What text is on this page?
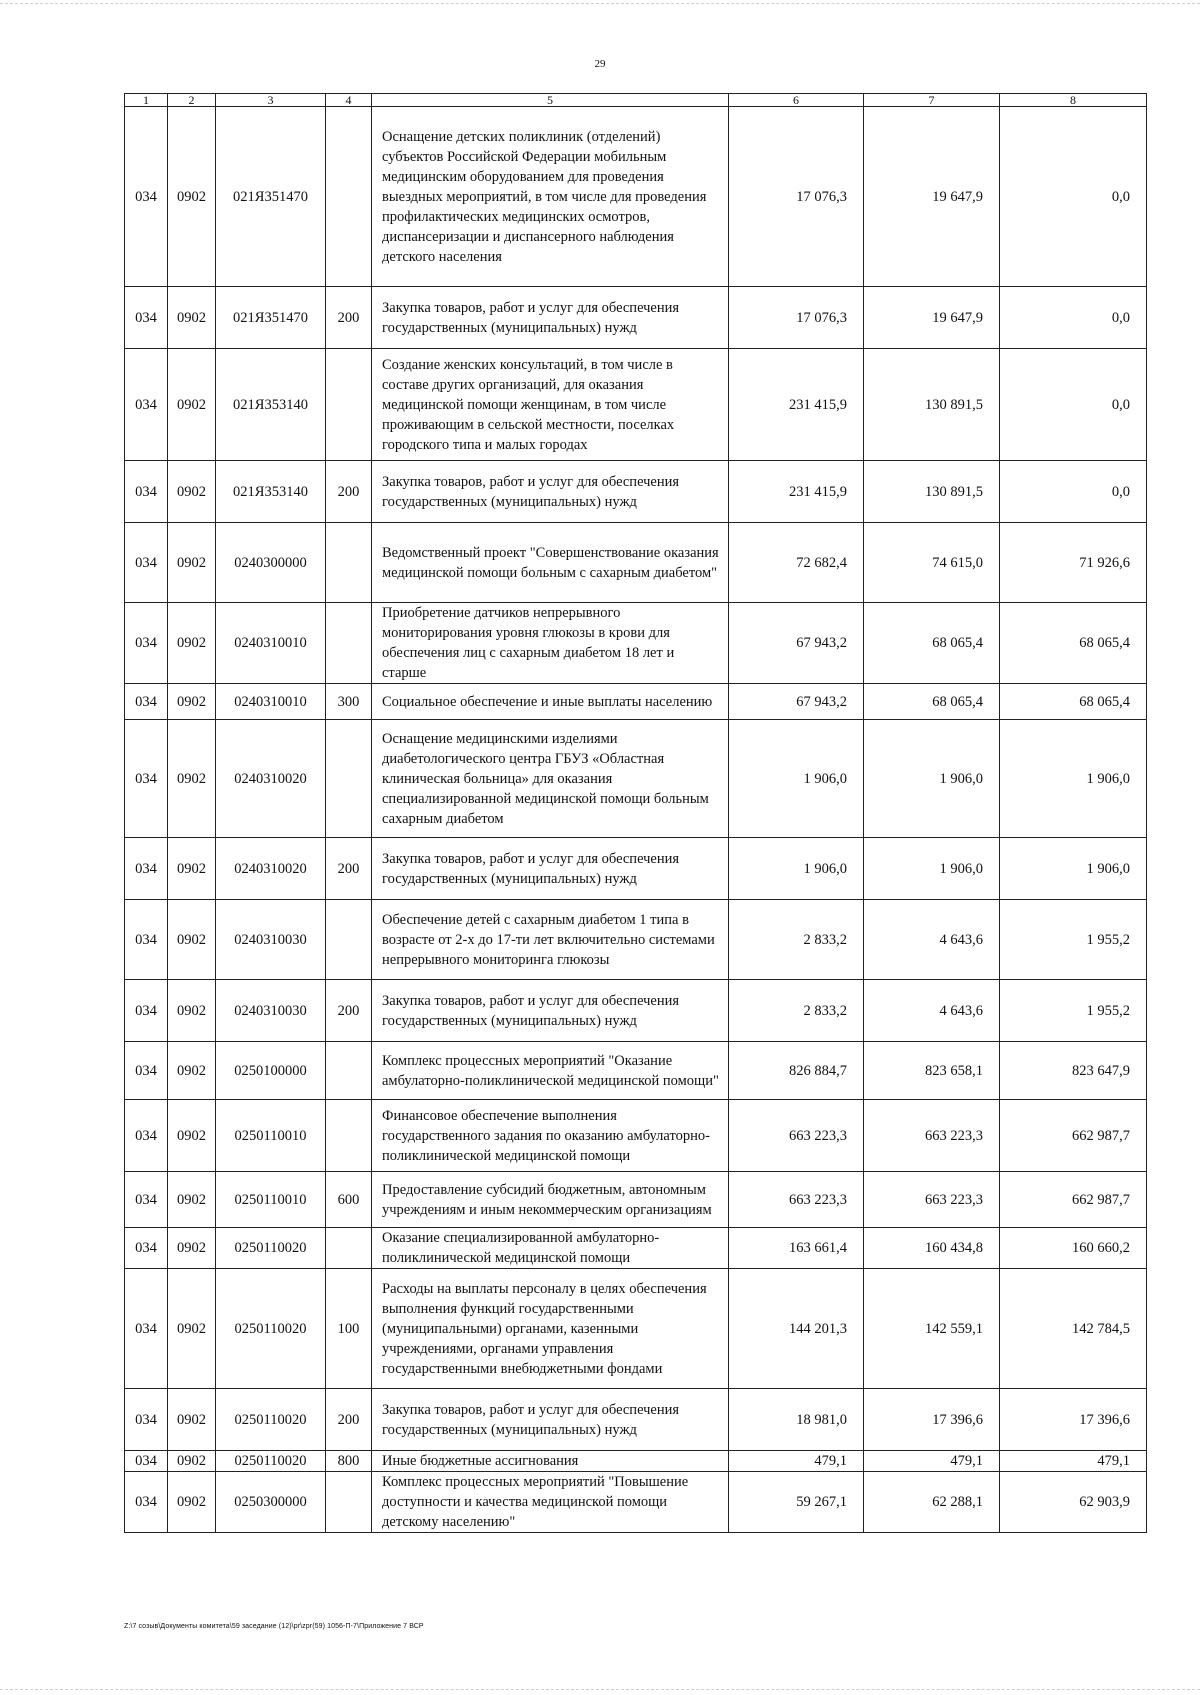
29
1	2	3	4	5	6	7	8
034	0902	021Я351470		Оснащение детских поликлиник (отделений) субъектов Российской Федерации мобильным медицинским оборудованием для проведения выездных мероприятий, в том числе для проведения профилактических медицинских осмотров, диспансеризации и диспансерного наблюдения детского населения	17 076,3	19 647,9	0,0
034	0902	021Я351470	200	Закупка товаров, работ и услуг для обеспечения государственных (муниципальных) нужд	17 076,3	19 647,9	0,0
034	0902	021Я353140		Создание женских консультаций, в том числе в составе других организаций, для оказания медицинской помощи женщинам, в том числе проживающим в сельской местности, поселках городского типа и малых городах	231 415,9	130 891,5	0,0
034	0902	021Я353140	200	Закупка товаров, работ и услуг для обеспечения государственных (муниципальных) нужд	231 415,9	130 891,5	0,0
034	0902	0240300000		Ведомственный проект "Совершенствование оказания медицинской помощи больным с сахарным диабетом"	72 682,4	74 615,0	71 926,6
034	0902	0240310010		Приобретение датчиков непрерывного мониторирования уровня глюкозы в крови для обеспечения лиц с сахарным диабетом 18 лет и старше	67 943,2	68 065,4	68 065,4
034	0902	0240310010	300	Социальное обеспечение и иные выплаты населению	67 943,2	68 065,4	68 065,4
034	0902	0240310020		Оснащение медицинскими изделиями диабетологического центра ГБУЗ «Областная клиническая больница» для оказания специализированной медицинской помощи больным сахарным диабетом	1 906,0	1 906,0	1 906,0
034	0902	0240310020	200	Закупка товаров, работ и услуг для обеспечения государственных (муниципальных) нужд	1 906,0	1 906,0	1 906,0
034	0902	0240310030		Обеспечение детей с сахарным диабетом 1 типа в возрасте от 2-х до 17-ти лет включительно системами непрерывного мониторинга глюкозы	2 833,2	4 643,6	1 955,2
034	0902	0240310030	200	Закупка товаров, работ и услуг для обеспечения государственных (муниципальных) нужд	2 833,2	4 643,6	1 955,2
034	0902	0250100000		Комплекс процессных мероприятий "Оказание амбулаторно-поликлинической медицинской помощи"	826 884,7	823 658,1	823 647,9
034	0902	0250110010		Финансовое обеспечение выполнения государственного задания по оказанию амбулаторно-поликлинической медицинской помощи	663 223,3	663 223,3	662 987,7
034	0902	0250110010	600	Предоставление субсидий бюджетным, автономным учреждениям и иным некоммерческим организациям	663 223,3	663 223,3	662 987,7
034	0902	0250110020		Оказание специализированной амбулаторно-поликлинической медицинской помощи	163 661,4	160 434,8	160 660,2
034	0902	0250110020	100	Расходы на выплаты персоналу в целях обеспечения выполнения функций государственными (муниципальными) органами, казенными учреждениями, органами управления государственными внебюджетными фондами	144 201,3	142 559,1	142 784,5
034	0902	0250110020	200	Закупка товаров, работ и услуг для обеспечения государственных (муниципальных) нужд	18 981,0	17 396,6	17 396,6
034	0902	0250110020	800	Иные бюджетные ассигнования	479,1	479,1	479,1
034	0902	0250300000		Комплекс процессных мероприятий "Повышение доступности и качества медицинской помощи детскому населению"	59 267,1	62 288,1	62 903,9
Z:\7 созыв\Документы комитета\59 заседание (12)\pr\zpr(59) 1056-П-7\Приложение 7 ВСР
